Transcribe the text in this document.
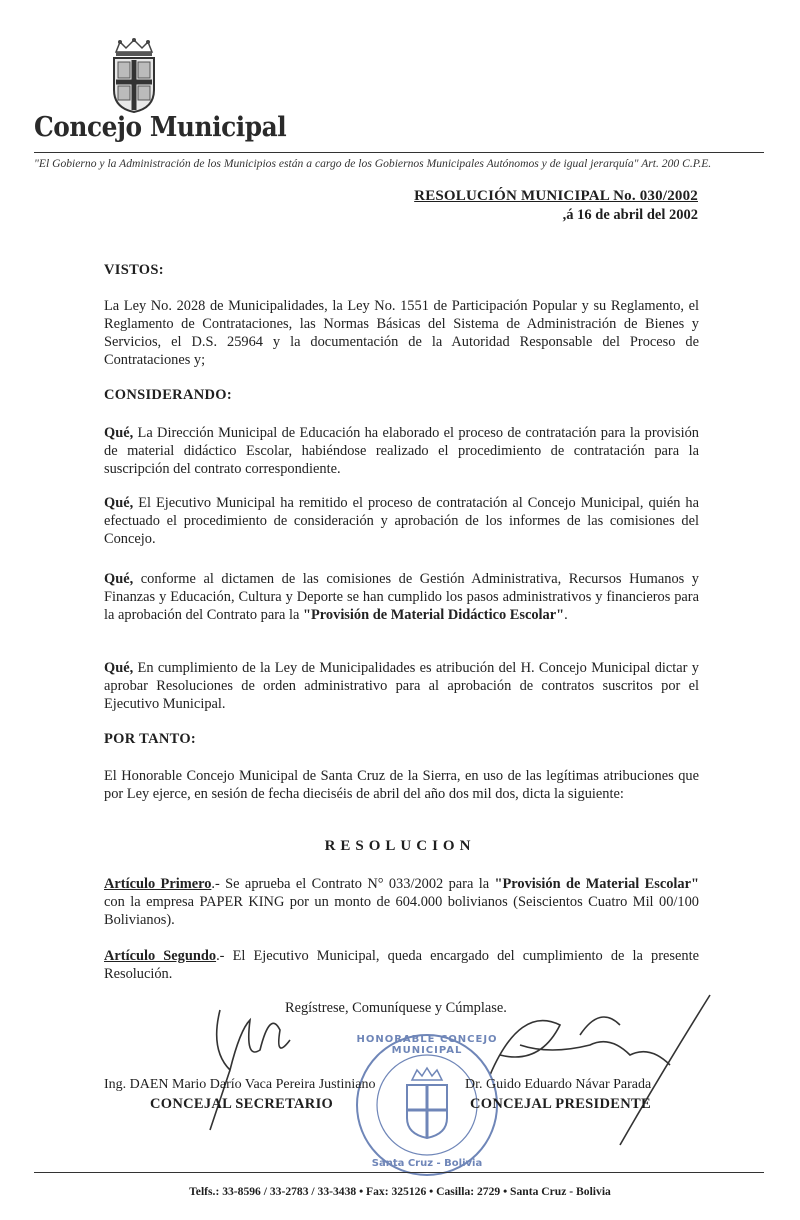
Concejo Municipal
"El Gobierno y la Administración de los Municipios están a cargo de los Gobiernos Municipales Autónomos y de igual jerarquía" Art. 200 C.P.E.
RESOLUCIÓN MUNICIPAL No. 030/2002
,á 16 de abril del 2002
VISTOS:
La Ley No. 2028 de Municipalidades, la Ley No. 1551 de Participación Popular y su Reglamento, el Reglamento de Contrataciones, las Normas Básicas del Sistema de Administración de Bienes y Servicios, el D.S. 25964 y la documentación de la Autoridad Responsable del Proceso de Contrataciones y;
CONSIDERANDO:
Qué, La Dirección Municipal de Educación ha elaborado el proceso de contratación para la provisión de material didáctico Escolar, habiéndose realizado el procedimiento de contratación para la suscripción del contrato correspondiente.
Qué, El Ejecutivo Municipal ha remitido el proceso de contratación al Concejo Municipal, quién ha efectuado el procedimiento de consideración y aprobación de los informes de las comisiones del Concejo.
Qué, conforme al dictamen de las comisiones de Gestión Administrativa, Recursos Humanos y Finanzas y Educación, Cultura y Deporte se han cumplido los pasos administrativos y financieros para la aprobación del Contrato para la "Provisión de Material Didáctico Escolar".
Qué, En cumplimiento de la Ley de Municipalidades es atribución del H. Concejo Municipal dictar y aprobar Resoluciones de orden administrativo para al aprobación de contratos suscritos por el Ejecutivo Municipal.
POR TANTO:
El Honorable Concejo Municipal de Santa Cruz de la Sierra, en uso de las legítimas atribuciones que por Ley ejerce, en sesión de fecha dieciséis de abril del año dos mil dos, dicta la siguiente:
RESOLUCION
Artículo Primero.- Se aprueba el Contrato N° 033/2002 para la "Provisión de Material Escolar" con la empresa PAPER KING por un monto de 604.000 bolivianos (Seiscientos Cuatro Mil 00/100 Bolivianos).
Artículo Segundo.- El Ejecutivo Municipal, queda encargado del cumplimiento de la presente Resolución.
Regístrese, Comuníquese y Cúmplase.
HONORABLE CONCEJO MUNICIPAL
Santa Cruz - Bolivia
Ing. DAEN Mario Darío Vaca Pereira Justiniano
CONCEJAL SECRETARIO
Dr. Guido Eduardo Návar Parada
CONCEJAL PRESIDENTE
Telfs.: 33-8596 / 33-2783 / 33-3438 • Fax: 325126 • Casilla: 2729 • Santa Cruz - Bolivia
